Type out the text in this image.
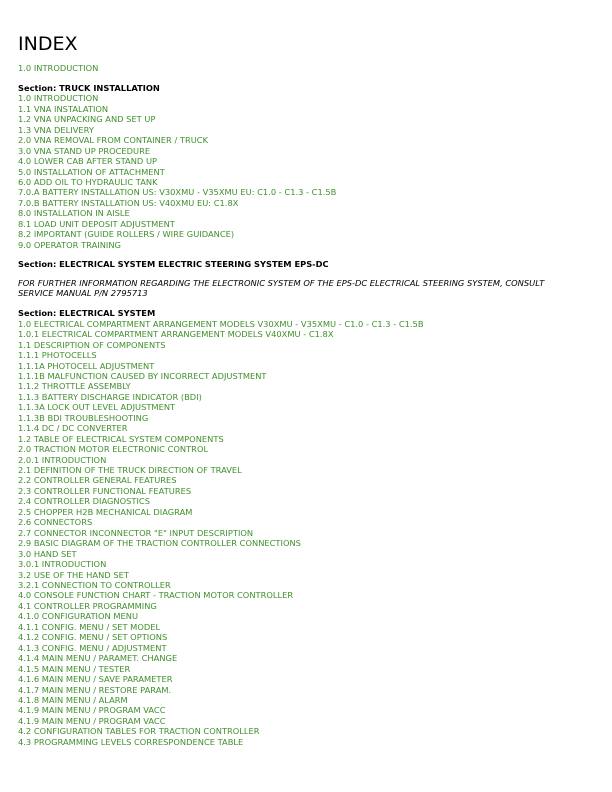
INDEX
1.0 INTRODUCTION
Section: TRUCK INSTALLATION
1.0 INTRODUCTION
1.1 VNA INSTALATION
1.2 VNA UNPACKING AND SET UP
1.3 VNA DELIVERY
2.0 VNA REMOVAL FROM CONTAINER / TRUCK
3.0 VNA STAND UP PROCEDURE
4.0 LOWER CAB AFTER STAND UP
5.0 INSTALLATION OF ATTACHMENT
6.0 ADD OIL TO HYDRAULIC TANK
7.0.A BATTERY INSTALLATION US: V30XMU - V35XMU EU: C1.0 - C1.3 - C1.5B
7.0.B BATTERY INSTALLATION US: V40XMU EU: C1.8X
8.0 INSTALLATION IN AISLE
8.1 LOAD UNIT DEPOSIT ADJUSTMENT
8.2 IMPORTANT (GUIDE ROLLERS / WIRE GUIDANCE)
9.0 OPERATOR TRAINING
Section: ELECTRICAL SYSTEM ELECTRIC STEERING SYSTEM EPS-DC

FOR FURTHER INFORMATION REGARDING THE ELECTRONIC SYSTEM OF THE EPS-DC ELECTRICAL STEERING SYSTEM, CONSULT SERVICE MANUAL P/N 2795713

Section: ELECTRICAL SYSTEM
1.0 ELECTRICAL COMPARTMENT ARRANGEMENT MODELS V30XMU - V35XMU - C1.0 - C1.3 - C1.5B
1.0.1 ELECTRICAL COMPARTMENT ARRANGEMENT MODELS V40XMU - C1.8X
1.1 DESCRIPTION OF COMPONENTS
1.1.1 PHOTOCELLS
1.1.1A PHOTOCELL ADJUSTMENT
1.1.1B MALFUNCTION CAUSED BY INCORRECT ADJUSTMENT
1.1.2 THROTTLE ASSEMBLY
1.1.3 BATTERY DISCHARGE INDICATOR (BDI)
1.1.3A LOCK OUT LEVEL ADJUSTMENT
1.1.3B BDI TROUBLESHOOTING
1.1.4 DC / DC CONVERTER
1.2 TABLE OF ELECTRICAL SYSTEM COMPONENTS
2.0 TRACTION MOTOR ELECTRONIC CONTROL
2.0.1 INTRODUCTION
2.1 DEFINITION OF THE TRUCK DIRECTION OF TRAVEL
2.2 CONTROLLER GENERAL FEATURES
2.3 CONTROLLER FUNCTIONAL FEATURES
2.4 CONTROLLER DIAGNOSTICS
2.5 CHOPPER H2B MECHANICAL DIAGRAM
2.6 CONNECTORS
2.7 CONNECTOR INCONNECTOR "E" INPUT DESCRIPTION
2.9 BASIC DIAGRAM OF THE TRACTION CONTROLLER CONNECTIONS
3.0 HAND SET
3.0.1 INTRODUCTION
3.2 USE OF THE HAND SET
3.2.1 CONNECTION TO CONTROLLER
4.0 CONSOLE FUNCTION CHART - TRACTION MOTOR CONTROLLER
4.1 CONTROLLER PROGRAMMING
4.1.0 CONFIGURATION MENU
4.1.1 CONFIG. MENU / SET MODEL
4.1.2 CONFIG. MENU / SET OPTIONS
4.1.3 CONFIG. MENU / ADJUSTMENT
4.1.4 MAIN MENU / PARAMET. CHANGE
4.1.5 MAIN MENU / TESTER
4.1.6 MAIN MENU / SAVE PARAMETER
4.1.7 MAIN MENU / RESTORE PARAM.
4.1.8 MAIN MENU / ALARM
4.1.9 MAIN MENU / PROGRAM VACC
4.1.9 MAIN MENU / PROGRAM VACC
4.2 CONFIGURATION TABLES FOR TRACTION CONTROLLER
4.3 PROGRAMMING LEVELS CORRESPONDENCE TABLE
